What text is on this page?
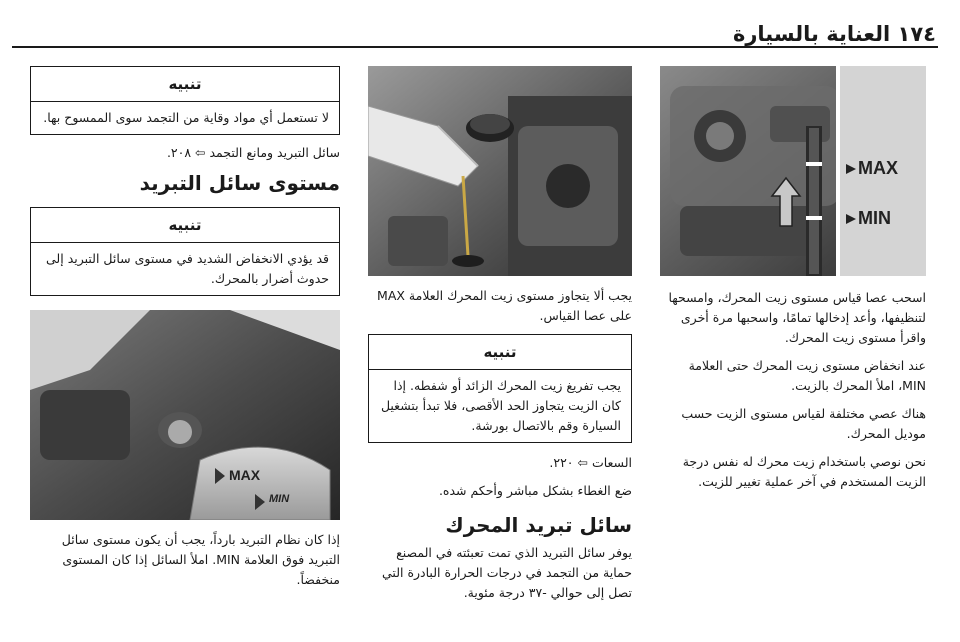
١٧٤ العناية بالسيارة
MAX
MIN

اسحب عصا قياس مستوى زيت المحرك، وامسحها لتنظيفها، وأعد إدخالها تمامًا، واسحبها مرة أخرى واقرأ مستوى زيت المحرك.

عند انخفاض مستوى زيت المحرك حتى العلامة MIN، املأ المحرك بالزيت.

هناك عصي مختلفة لقياس مستوى الزيت حسب موديل المحرك.

نحن نوصي باستخدام زيت محرك له نفس درجة الزيت المستخدم في آخر عملية تغيير للزيت.

يجب ألا يتجاوز مستوى زيت المحرك العلامة MAX على عصا القياس.

تنبيه
يجب تفريغ زيت المحرك الزائد أو شفطه. إذا كان الزيت يتجاوز الحد الأقصى، فلا تبدأ بتشغيل السيارة وقم بالاتصال بورشة.

السعات ⇦ ٢٢٠.

ضع الغطاء بشكل مباشر وأحكم شده.

سائل تبريد المحرك

يوفر سائل التبريد الذي تمت تعبئته في المصنع حماية من التجمد في درجات الحرارة البادرة التي تصل إلى حوالي -٣٧ درجة مئوية.

تنبيه
لا تستعمل أي مواد وقاية من التجمد سوى الممسوح بها.

سائل التبريد ومانع التجمد ⇦ ٢٠٨.

مستوى سائل التبريد
تنبيه
قد يؤدي الانخفاض الشديد في مستوى سائل التبريد إلى حدوث أضرار بالمحرك.
MAX
MIN

إذا كان نظام التبريد بارداً، يجب أن يكون مستوى سائل التبريد فوق العلامة MIN. املأ السائل إذا كان المستوى منخفضاً.
